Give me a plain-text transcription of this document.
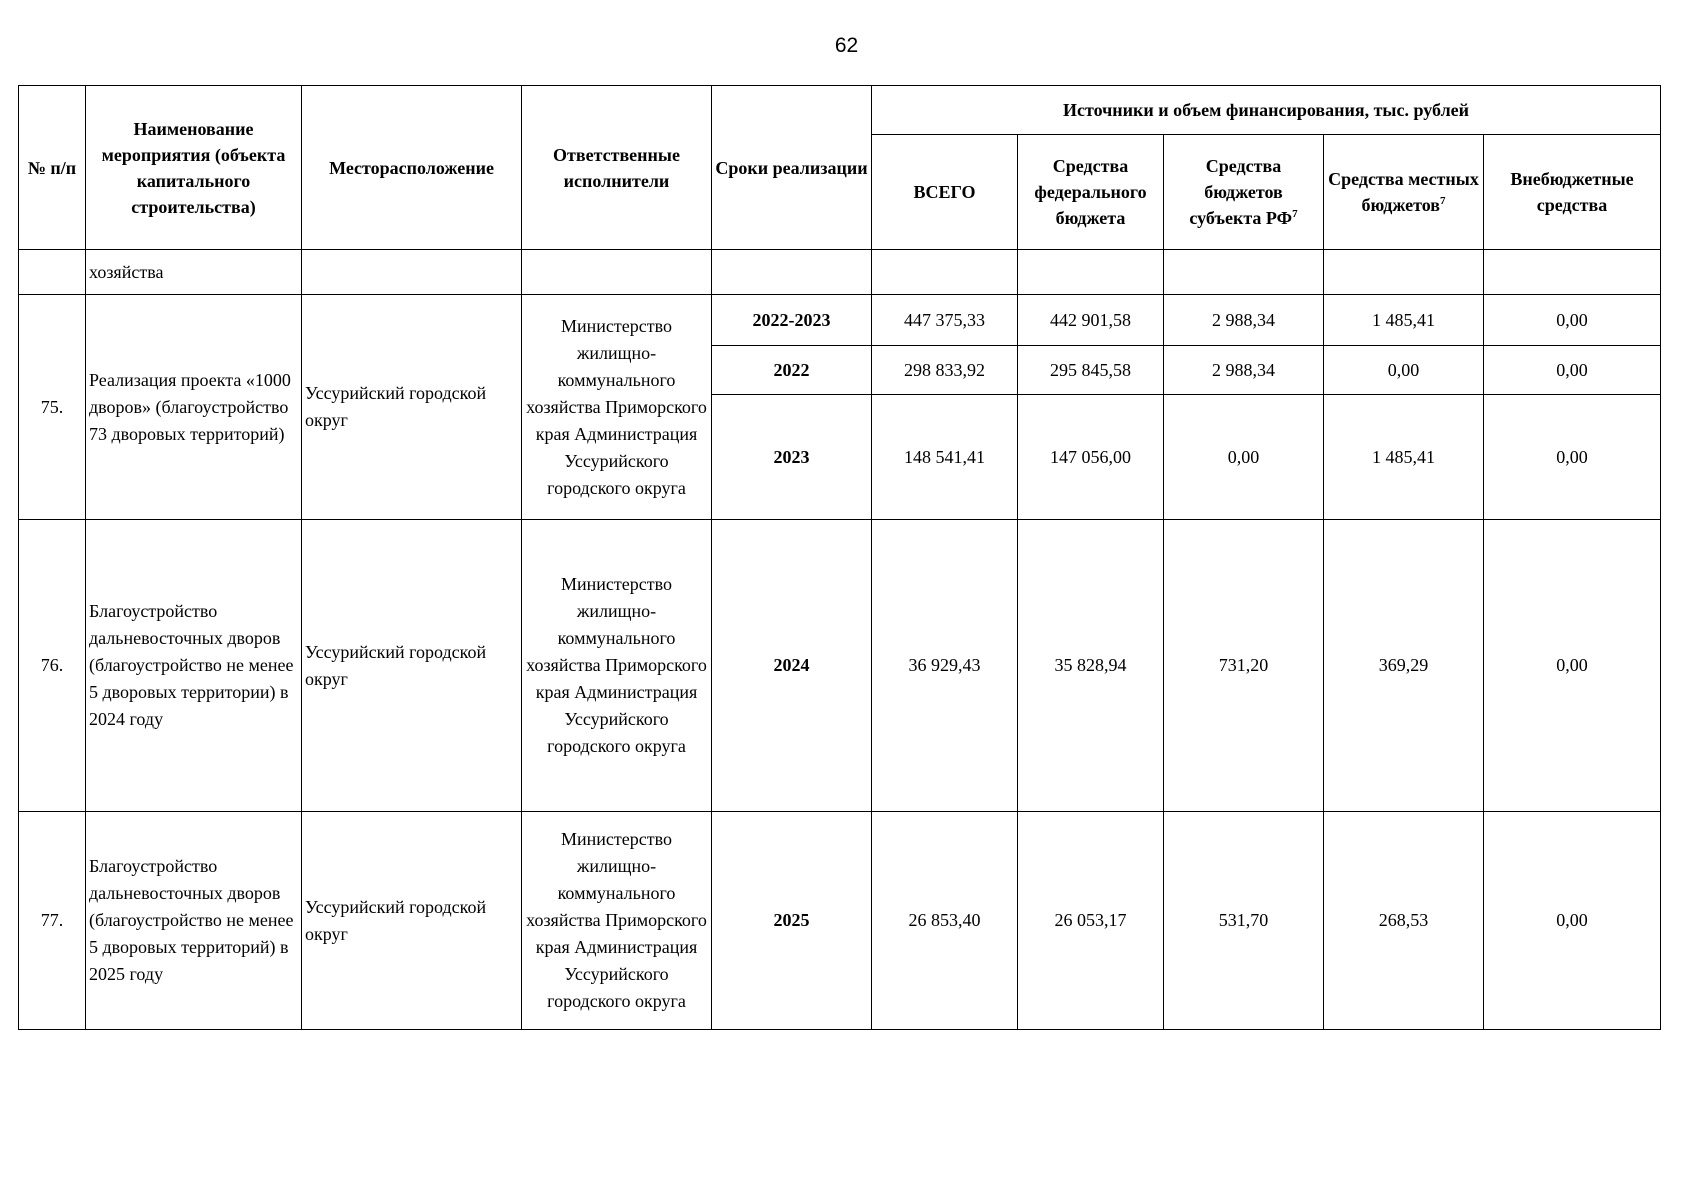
62
№ п/п	Наименование мероприятия (объекта капитального строительства)	Месторасположение	Ответственные исполнители	Сроки реализации	Источники и объем финансирования, тыс. рублей				
					ВСЕГО	Средства федерального бюджета	Средства бюджетов субъекта $РФ^7$	Средства местных бюджетов$^7$	Внебюджетные средства
	хозяйства								
75.	Реализация проекта «1000 дворов» (благоустройство 73 дворовых территорий)	Уссурийский городской округ	Министерство жилищно-коммунального хозяйства Приморского края Администрация Уссурийского городского округа	2022-2023	447 375,33	442 901,58	2 988,34	1 485,41	0,00
				2022	298 833,92	295 845,58	2 988,34	0,00	0,00
				2023	148 541,41	147 056,00	0,00	1 485,41	0,00
76.	Благоустройство дальневосточных дворов (благоустройство не менее 5 дворовых территории) в 2024 году	Уссурийский городской округ	Министерство жилищно-коммунального хозяйства Приморского края Администрация Уссурийского городского округа	2024	36 929,43	35 828,94	731,20	369,29	0,00
77.	Благоустройство дальневосточных дворов (благоустройство не менее 5 дворовых территорий) в 2025 году	Уссурийский городской округ	Министерство жилищно-коммунального хозяйства Приморского края Администрация Уссурийского городского округа	2025	26 853,40	26 053,17	531,70	268,53	0,00
